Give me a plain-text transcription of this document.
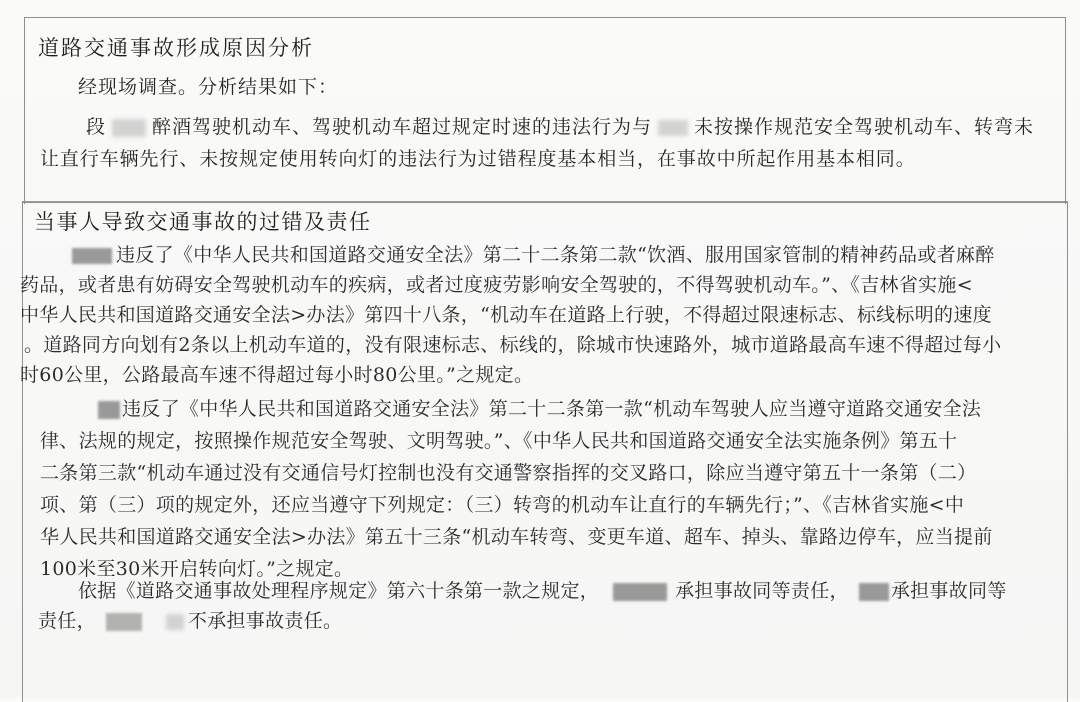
道路交通事故形成原因分析
经现场调查。分析结果如下：
段 醉酒驾驶机动车、驾驶机动车超过规定时速的违法行为与 未按操作规范安全驾驶机动车、转弯未
让直行车辆先行、未按规定使用转向灯的违法行为过错程度基本相当，在事故中所起作用基本相同。
当事人导致交通事故的过错及责任
违反了《中华人民共和国道路交通安全法》第二十二条第二款“饮酒、服用国家管制的精神药品或者麻醉
药品，或者患有妨碍安全驾驶机动车的疾病，或者过度疲劳影响安全驾驶的，不得驾驶机动车。”、《吉林省实施<
中华人民共和国道路交通安全法>办法》第四十八条，“机动车在道路上行驶，不得超过限速标志、标线标明的速度
。道路同方向划有2条以上机动车道的，没有限速标志、标线的，除城市快速路外，城市道路最高车速不得超过每小
时60公里，公路最高车速不得超过每小时80公里。”之规定。
违反了《中华人民共和国道路交通安全法》第二十二条第一款“机动车驾驶人应当遵守道路交通安全法
律、法规的规定，按照操作规范安全驾驶、文明驾驶。”、《中华人民共和国道路交通安全法实施条例》第五十
二条第三款“机动车通过没有交通信号灯控制也没有交通警察指挥的交叉路口，除应当遵守第五十一条第（二）
项、第（三）项的规定外，还应当遵守下列规定：（三）转弯的机动车让直行的车辆先行；”、《吉林省实施<中
华人民共和国道路交通安全法>办法》第五十三条“机动车转弯、变更车道、超车、掉头、靠路边停车，应当提前
100米至30米开启转向灯。”之规定。
依据《道路交通事故处理程序规定》第六十条第一款之规定，	承担事故同等责任， 承担事故同等
责任，	不承担事故责任。
